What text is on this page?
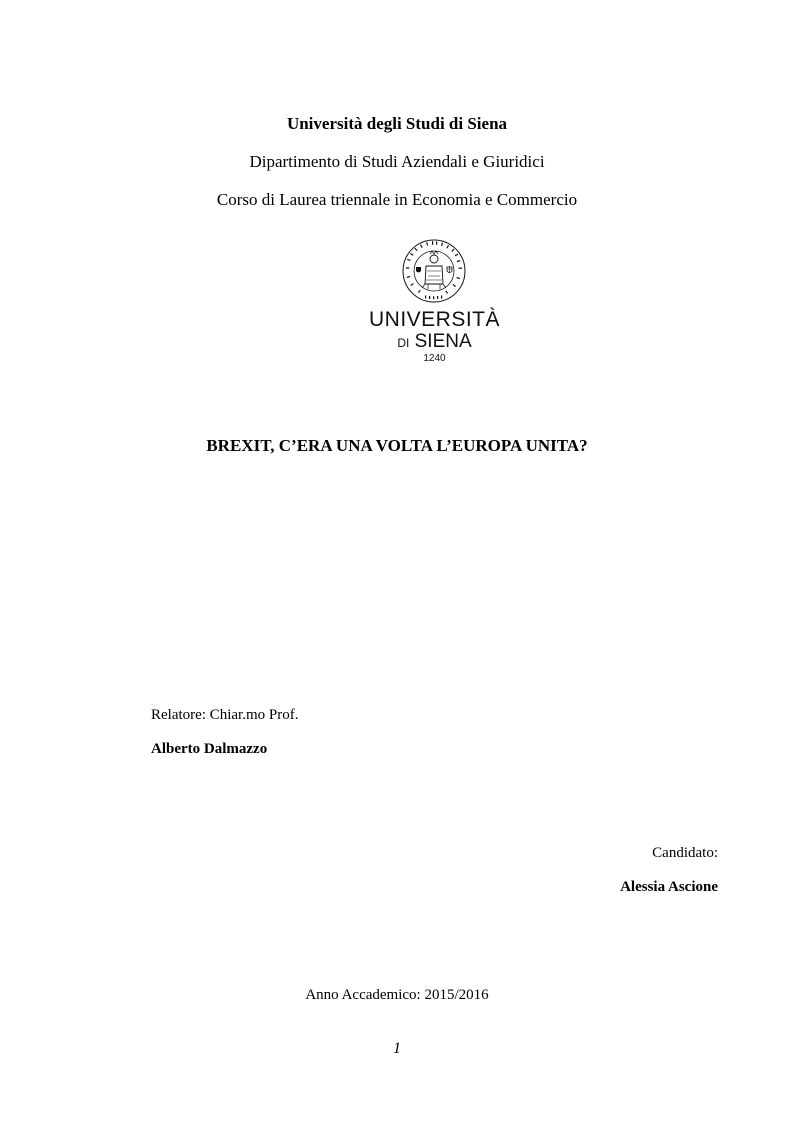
Università degli Studi di Siena
Dipartimento di Studi Aziendali e Giuridici
Corso di Laurea triennale in Economia e Commercio
UNIVERSITÀ
DI SIENA
1240
BREXIT, C’ERA UNA VOLTA L’EUROPA UNITA?
Relatore: Chiar.mo Prof.
Alberto Dalmazzo
Candidato:
Alessia Ascione
Anno Accademico: 2015/2016
1
